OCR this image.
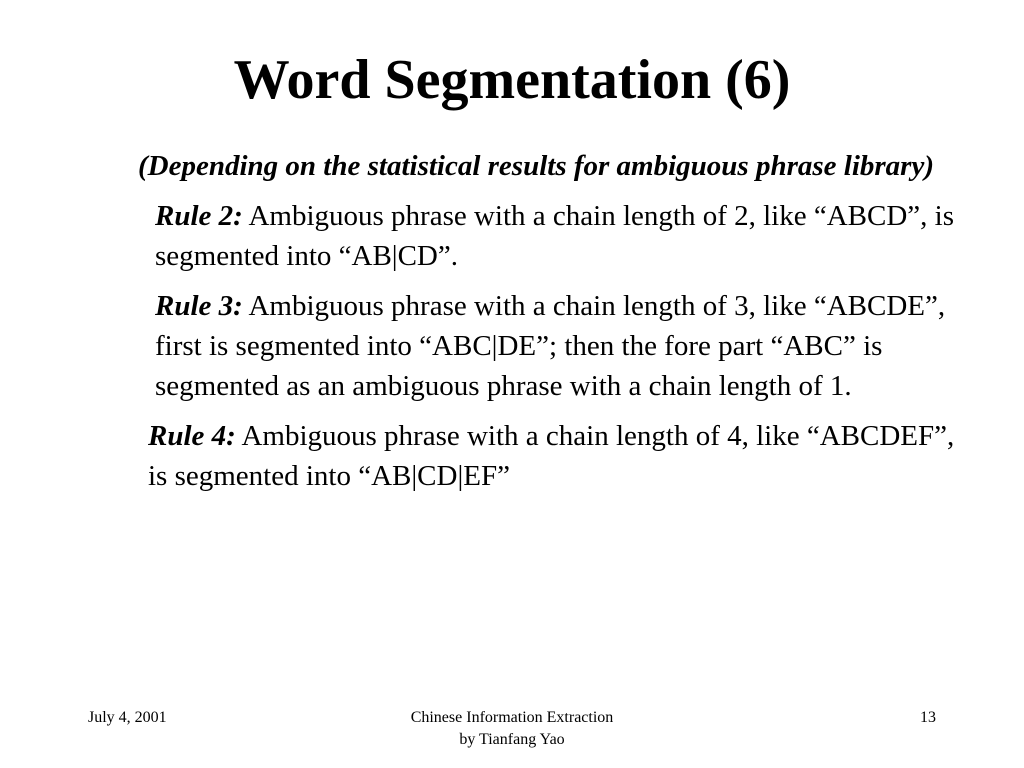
Word Segmentation (6)

(Depending on the statistical results for ambiguous phrase library)

Rule 2: Ambiguous phrase with a chain length of 2, like “ABCD”, is segmented into “AB|CD”.

Rule 3: Ambiguous phrase with a chain length of 3, like “ABCDE”, first is segmented into “ABC|DE”; then the fore part “ABC” is segmented as an ambiguous phrase with a chain length of 1.

Rule 4: Ambiguous phrase with a chain length of 4, like “ABCDEF”, is segmented into “AB|CD|EF”

July 4, 2001	Chinese Information Extraction
by Tianfang Yao
13
